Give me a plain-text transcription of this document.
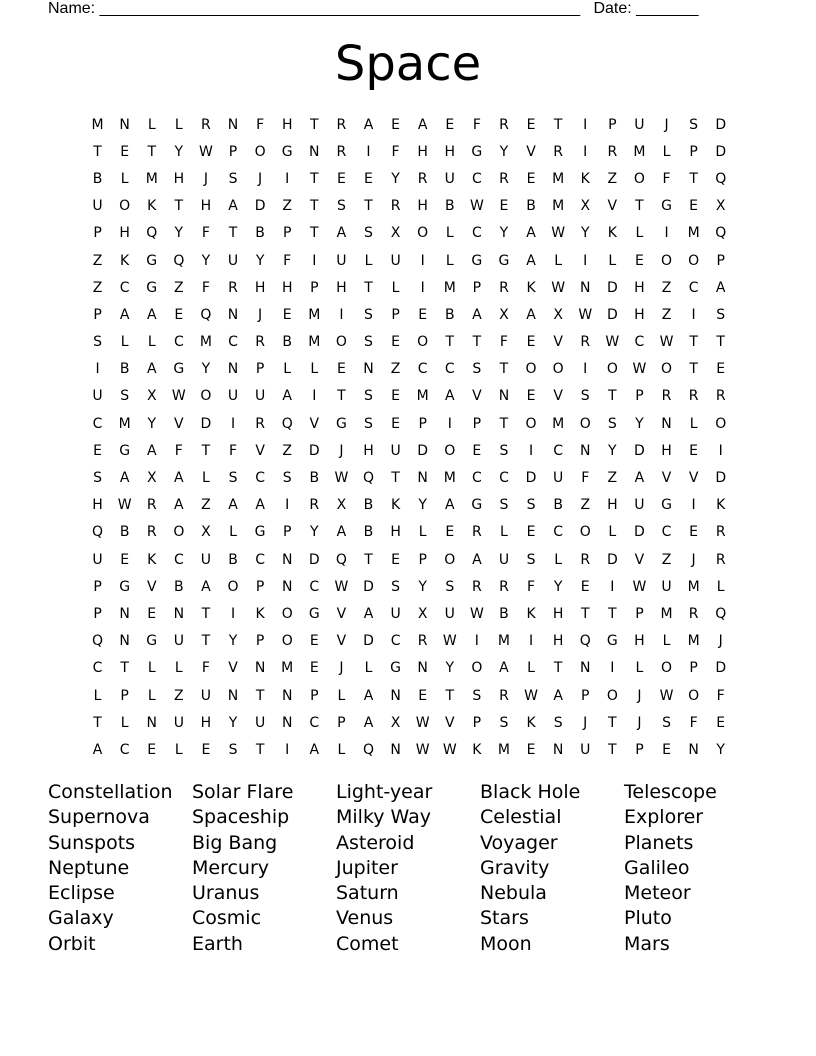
Name: ______________________________________________________ Date: _______
Space
M	N	L	L	R	N	F	H	T	R	A	E	A	E	F	R	E	T	I	P	U	J	S	D
T	E	T	Y	W	P	O	G	N	R	I	F	H	H	G	Y	V	R	I	R	M	L	P	D
B	L	M	H	J	S	J	I	T	E	E	Y	R	U	C	R	E	M	K	Z	O	F	T	Q
U	O	K	T	H	A	D	Z	T	S	T	R	H	B	W	E	B	M	X	V	T	G	E	X
P	H	Q	Y	F	T	B	P	T	A	S	X	O	L	C	Y	A	W	Y	K	L	I	M	Q
Z	K	G	Q	Y	U	Y	F	I	U	L	U	I	L	G	G	A	L	I	L	E	O	O	P
Z	C	G	Z	F	R	H	H	P	H	T	L	I	M	P	R	K	W	N	D	H	Z	C	A
P	A	A	E	Q	N	J	E	M	I	S	P	E	B	A	X	A	X	W	D	H	Z	I	S
S	L	L	C	M	C	R	B	M	O	S	E	O	T	T	F	E	V	R	W	C	W	T	T
I	B	A	G	Y	N	P	L	L	E	N	Z	C	C	S	T	O	O	I	O	W	O	T	E
U	S	X	W	O	U	U	A	I	T	S	E	M	A	V	N	E	V	S	T	P	R	R	R
C	M	Y	V	D	I	R	Q	V	G	S	E	P	I	P	T	O	M	O	S	Y	N	L	O
E	G	A	F	T	F	V	Z	D	J	H	U	D	O	E	S	I	C	N	Y	D	H	E	I
S	A	X	A	L	S	C	S	B	W	Q	T	N	M	C	C	D	U	F	Z	A	V	V	D
H	W	R	A	Z	A	A	I	R	X	B	K	Y	A	G	S	S	B	Z	H	U	G	I	K
Q	B	R	O	X	L	G	P	Y	A	B	H	L	E	R	L	E	C	O	L	D	C	E	R
U	E	K	C	U	B	C	N	D	Q	T	E	P	O	A	U	S	L	R	D	V	Z	J	R
P	G	V	B	A	O	P	N	C	W	D	S	Y	S	R	R	F	Y	E	I	W	U	M	L
P	N	E	N	T	I	K	O	G	V	A	U	X	U	W	B	K	H	T	T	P	M	R	Q
Q	N	G	U	T	Y	P	O	E	V	D	C	R	W	I	M	I	H	Q	G	H	L	M	J
C	T	L	L	F	V	N	M	E	J	L	G	N	Y	O	A	L	T	N	I	L	O	P	D
L	P	L	Z	U	N	T	N	P	L	A	N	E	T	S	R	W	A	P	O	J	W	O	F
T	L	N	U	H	Y	U	N	C	P	A	X	W	V	P	S	K	S	J	T	J	S	F	E
A	C	E	L	E	S	T	I	A	L	Q	N	W W	K	M	E	N	U	T	P	E	N	Y
Constellation	Solar Flare	Light-year	Black Hole	Telescope
Supernova	Spaceship	Milky Way	Celestial	Explorer
Sunspots	Big Bang	Asteroid	Voyager	Planets
Neptune	Mercury	Jupiter	Gravity	Galileo
Eclipse	Uranus	Saturn	Nebula	Meteor
Galaxy	Cosmic	Venus	Stars	Pluto
Orbit	Earth	Comet	Moon	Mars
